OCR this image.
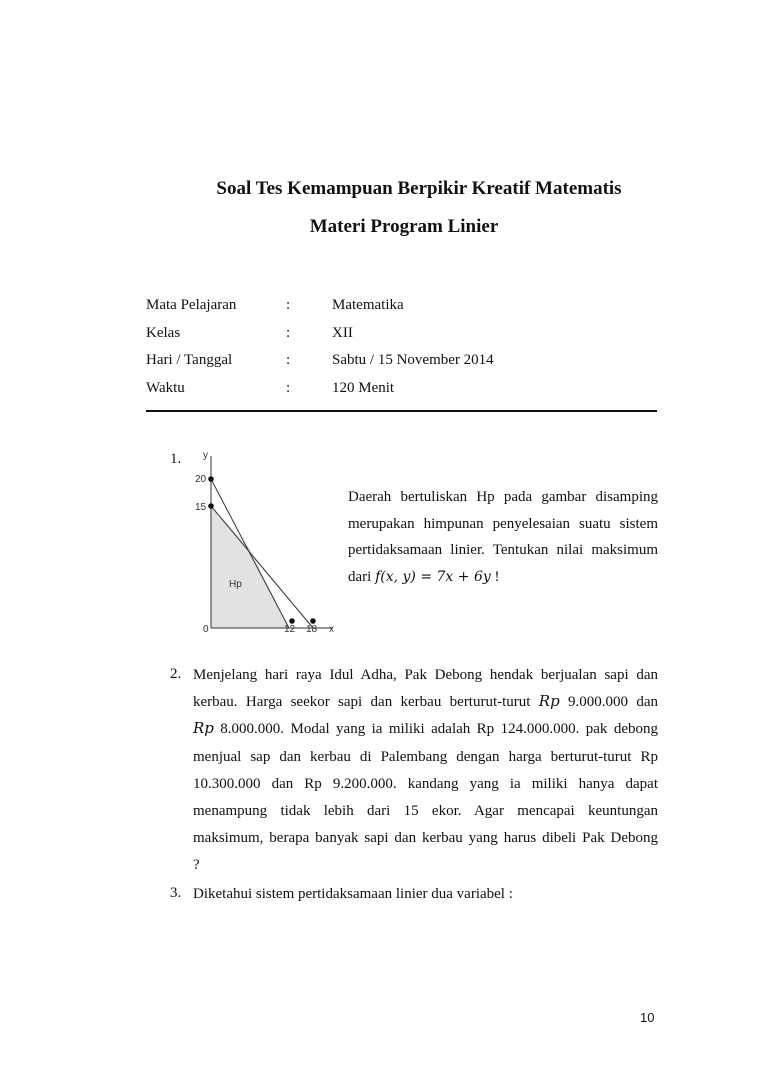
Soal Tes Kemampuan Berpikir Kreatif Matematis
Materi Program Linier
Mata Pelajaran	:	Matematika
Kelas	:	XII
Hari / Tanggal	:	Sabtu / 15 November 2014
Waktu	:	120 Menit
1. y
20
15
0	12 18 x
Hp
Daerah bertuliskan Hp pada gambar disamping
merupakan himpunan penyelesaian suatu sistem
pertidaksamaan linier. Tentukan nilai maksimum
dari 𝑓(𝑥, 𝑦) = 7𝑥 + 6𝑦 !
2. Menjelang hari raya Idul Adha, Pak Debong hendak berjualan sapi dan
kerbau. Harga seekor sapi dan kerbau berturut-turut 𝑅𝑝 9.000.000 dan
𝑅𝑝 8.000.000. Modal yang ia miliki adalah Rp 124.000.000. pak debong
menjual sap dan kerbau di Palembang dengan harga berturut-turut Rp
10.300.000 dan Rp 9.200.000. kandang yang ia miliki hanya dapat
menampung tidak lebih dari 15 ekor. Agar mencapai keuntungan
maksimum, berapa banyak sapi dan kerbau yang harus dibeli Pak Debong
?
3. Diketahui sistem pertidaksamaan linier dua variabel :
10
